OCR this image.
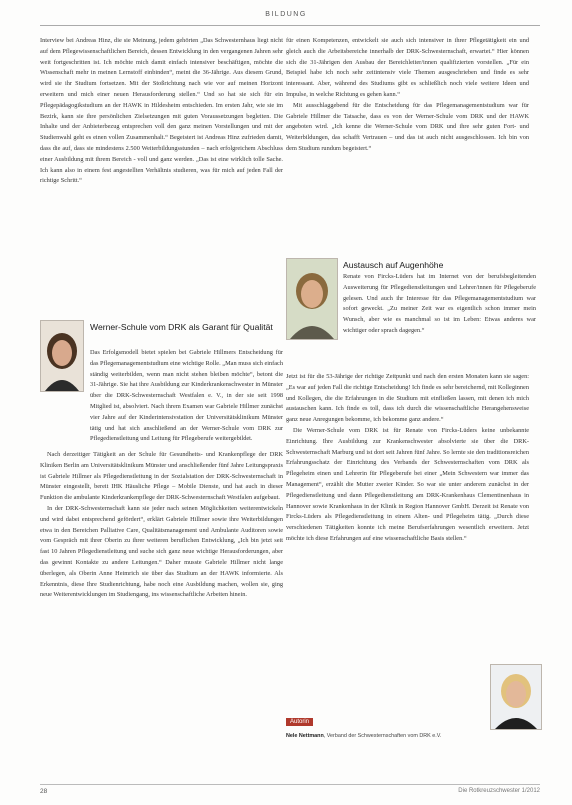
BILDUNG

Interview bei Andreas Hinz, die sie Meinung, jedem gehörten „Das Schwesternhaus liegt nicht auf dem Pflegewissenschaftlichen Bereich, dessen Entwicklung in den vergangenen Jahren sehr weit fortgeschritten ist. Ich möchte mich damit einfach intensiver beschäftigen, möchte die Wissenschaft mehr in meinen Lernstoff einbinden“, meint die 36-Jährige. Aus diesem Grund, wird sie ihr Studium fortsetzen. Mit der Stoßrichtung nach wie vor auf meinen Horizont erweitern und mich einer neuen Herausforderung stellen.“ Und so hat sie sich für ein Pflegepädagogikstudium an der HAWK in Hildesheim entschieden. Im ersten Jahr, wie sie im Bezirk, kann sie ihre persönlichen Zielsetzungen mit guten Voraussetzungen begleiten. Die Inhalte und der Anbieterbezug entsprechen voll den ganz meinen Vorstellungen und mit der Studienwahl geht es einen vollen Zusammenhalt.“ Begeistert ist Andreas Hinz zufrieden damit, dass die auf, dass sie mindestens 2.500 Weiterbildungsstunden – nach erfolgreichem Abschluss einer Ausbildung mit ihrem Bereich - voll und ganz werden. „Das ist eine wirklich tolle Sache. Ich kann also in einem fest angestellten Verhältnis studieren, was für mich auf jeden Fall der richtige Schritt.“

Werner-Schule vom DRK als Garant für Qualität
Das Erfolgsmodell bietet spielen bei Gabriele Hillmers Entscheidung für das Pflegemanagementstudium eine wichtige Rolle. „Man muss sich einfach ständig weiterbilden, wenn man nicht stehen bleiben möchte“, betont die 31-Jährige. Sie hat ihre Ausbildung zur Kinderkrankenschwester in Münster über die DRK-Schwesternschaft Westfalen e. V., in der sie seit 1998 Mitglied ist, absolviert. Nach ihrem Examen war Gabriele Hillmer zunächst vier Jahre auf der Kinderintensivstation der Universitätsklinikum Münster tätig und hat sich anschließend an der Werner-Schule vom DRK zur Pflegedienstleitung und Leitung für Pflegeberufe weitergebildet.

Nach derzeitiger Tätigkeit an der Schule für Gesundheits- und Krankenpflege der DRK Kliniken Berlin am Universitätsklinikum Münster und anschließender fünf Jahre Leitungspraxis ist Gabriele Hillmer als Pflegedienstleitung in der Sozialstation der DRK-Schwesternschaft in Münster eingestellt, bereit IHK Häusliche Pflege – Mobile Dienste, und hat auch in dieser Funktion die ambulante Kinderkrankenpflege der DRK-Schwesternschaft Westfalen aufgebaut.

In der DRK-Schwesternschaft kann sie jeder nach seinen Möglichkeiten weiterentwickeln und wird dabei entsprechend gefördert“, erklärt Gabriele Hillmer sowie ihre Weiterbildungen etwa in den Bereichen Palliative Care, Qualitätsmanagement und Ambulante Auditoren sowie vom Gespräch mit ihrer Oberin zu ihrer weiteren beruflichen Entwicklung, „Ich bin jetzt seit fast 10 Jahren Pflegedienstleitung und suche sich ganz neue wichtige Herausforderungen, aber das gewinnt Kontakte zu andere Leitungen.“ Daher musste Gabriele Hillmer nicht lange überlegen, als Oberin Anne Heimrich sie über das Studium an der HAWK informierte. Als Erkenntnis, diese Ihre Studienrichtung, habe noch eine Ausbildung machen, wollen sie, ging neue Weiterentwicklungen im Studiengang, ins wissenschaftliche Arbeiten hinein.

für einen Kompetenzen, entwickelt sie auch sich intensiver in ihrer Pflegetätigkeit ein und gleich auch die Arbeitsbereiche innerhalb der DRK-Schwesternschaft, erwartet.“ Hier können sich die 31-Jährigen den Ausbau der Bereichleiter/innen qualifizierten vorstellen. „Für ein Beispiel habe ich noch sehr zeitintensiv viele Themen ausgeschrieben und finde es sehr interessant. Aber, während des Studiums gibt es schließlich noch viele weitere Ideen und Impulse, in welche Richtung es gehen kann.“

Mit ausschlaggebend für die Entscheidung für das Pflegemanagementstudium war für Gabriele Hillmer die Tatsache, dass es von der Werner-Schule vom DRK und der HAWK angeboten wird. „Ich kenne die Werner-Schule vom DRK und ihre sehr guten Fort- und Weiterbildungen, das schafft Vertrauen – und das ist auch nicht ausgeschlossen. Ich bin von dem Studium rundum begeistert.“

Austausch auf Augenhöhe
Renate von Fircks-Lüders hat im Internet von der berufsbegleitenden Ausweiterung für Pflegedienstleitungen und Lehrer/innen für Pflegeberufe gelesen. Und auch ihr Interesse für das Pflegemanagementstudium war sofort geweckt. „Zu meiner Zeit war es eigentlich schon immer mein Wunsch, aber wie es manchmal so ist im Leben: Etwas anderes war wichtiger oder sprach dagegen.“

Jetzt ist für die 53-Jährige der richtige Zeitpunkt und nach den ersten Monaten kann sie sagen: „Es war auf jeden Fall die richtige Entscheidung! Ich finde es sehr bereichernd, mit Kolleginnen und Kollegen, die die Erfahrungen in die Studium mit einfließen lassen, mit denen ich mich austauschen kann. Ich finde es toll, dass ich durch die wissenschaftliche Herangehensweise ganz neue Anregungen bekomme, ich bekomme ganz andere.“

Die Werner-Schule vom DRK ist für Renate von Fircks-Lüders keine unbekannte Einrichtung. Ihre Ausbildung zur Krankenschwester absolvierte sie über die DRK-Schwesternschaft Marburg und ist dort seit Jahren fünf Jahre. So lernte sie den traditionsreichen Erfahrungsschatz der Einrichtung des Verbands der Schwesternschaften vom DRK als Pflegeheim einen und Lehrerin für Pflegeberufe bei einer „Mein Schwestern war immer das Management“, erzählt die Mutter zweier Kinder. So war sie unter anderem zunächst in der Pflegedienstleitung und dann Pflegedienstleitung am DRK-Krankenhaus Clementinenhaus in Hannover sowie Krankenhaus in der Klinik in Region Hannover GmbH. Derzeit ist Renate von Fircks-Lüders als Pflegedienstleitung in einem Alten- und Pflegeheim tätig. „Durch diese verschiedenen Tätigkeiten konnte ich meine Berufserfahrungen wesentlich erweitern. Jetzt möchte ich diese Erfahrungen auf eine wissenschaftliche Basis stellen.“

Autorin
Nele Nettmann, Verband der Schwesternschaften vom DRK e.V.
28	Die Rotkreuzschwester 1/2012
